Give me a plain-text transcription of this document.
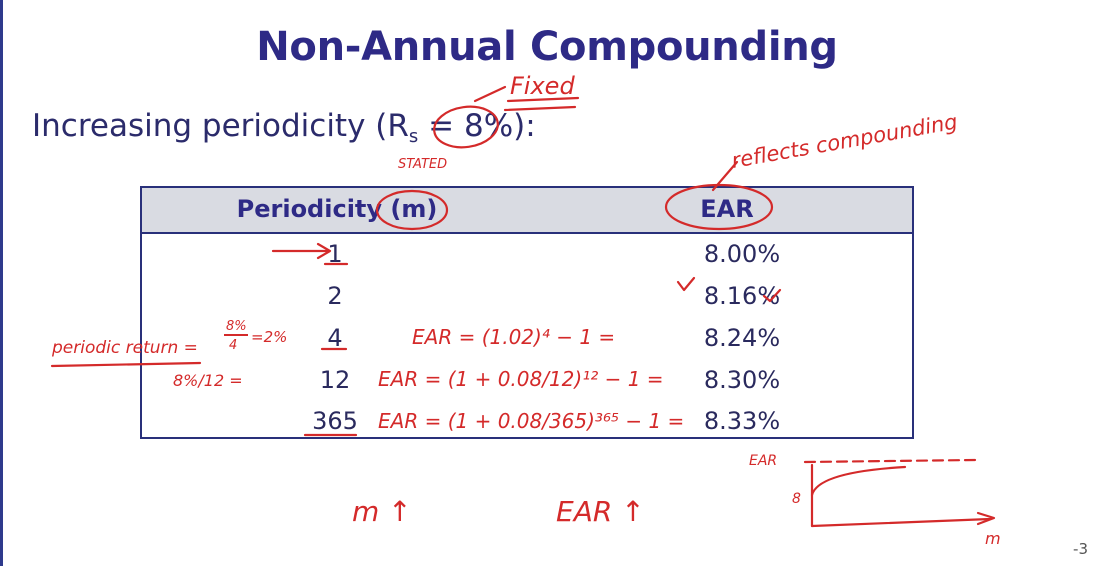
Non-Annual Compounding
Increasing periodicity $(R_s = 8\%)$:
Periodicity (m)	EAR
1	8.00%
2	8.16%
4	8.24%
12	8.30%
365	8.33%
-3
Fixed
STATED	reflects compounding
periodic return =
8%
4 =2%
8%/12 =
EAR = (1.02)⁴ − 1 =
EAR = (1 + 0.08/12)¹² − 1 =
EAR = (1 + 0.08/365)³⁶⁵ − 1 =
m ↑	EAR ↑
EAR
8
m
